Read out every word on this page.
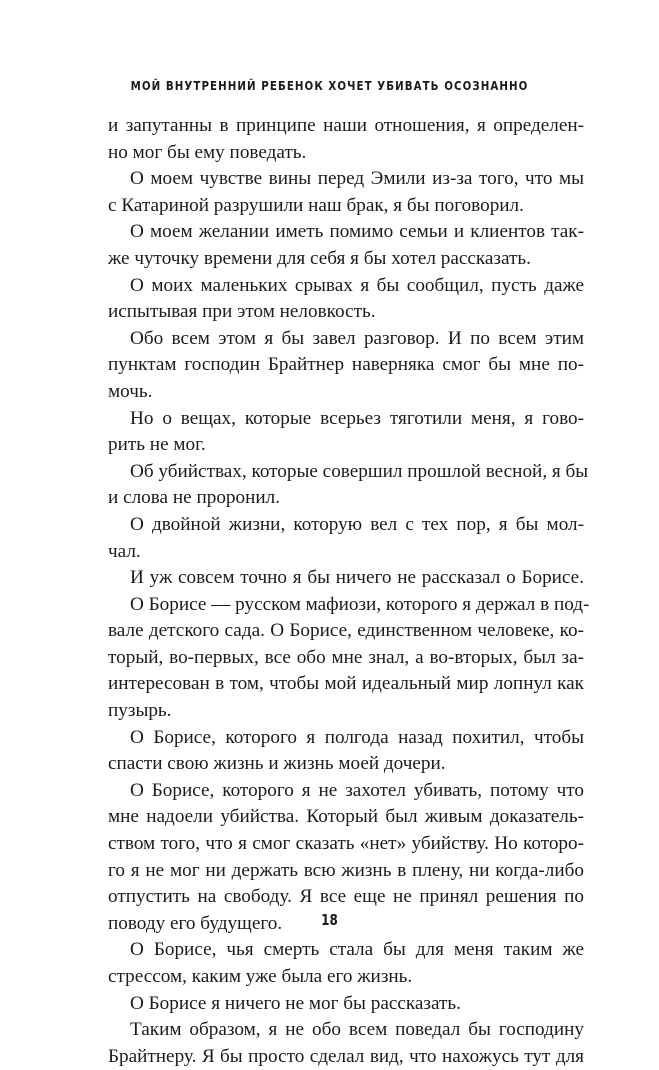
МОЙ ВНУТРЕННИЙ РЕБЕНОК ХОЧЕТ УБИВАТЬ ОСОЗНАННО
и запутанны в принципе наши отношения, я определен-
но мог бы ему поведать.
О моем чувстве вины перед Эмили из-за того, что мы
с Катариной разрушили наш брак, я бы поговорил.
О моем желании иметь помимо семьи и клиентов так-
же чуточку времени для себя я бы хотел рассказать.
О моих маленьких срывах я бы сообщил, пусть даже
испытывая при этом неловкость.
Обо всем этом я бы завел разговор. И по всем этим
пунктам господин Брайтнер наверняка смог бы мне по-
мочь.
Но о вещах, которые всерьез тяготили меня, я гово-
рить не мог.
Об убийствах, которые совершил прошлой весной, я бы
и слова не проронил.
О двойной жизни, которую вел с тех пор, я бы мол-
чал.
И уж совсем точно я бы ничего не рассказал о Борисе.
О Борисе — русском мафиози, которого я держал в под-
вале детского сада. О Борисе, единственном человеке, ко-
торый, во-первых, все обо мне знал, а во-вторых, был за-
интересован в том, чтобы мой идеальный мир лопнул как
пузырь.
О Борисе, которого я полгода назад похитил, чтобы
спасти свою жизнь и жизнь моей дочери.
О Борисе, которого я не захотел убивать, потому что
мне надоели убийства. Который был живым доказатель-
ством того, что я смог сказать «нет» убийству. Но которо-
го я не мог ни держать всю жизнь в плену, ни когда-либо
отпустить на свободу. Я все еще не принял решения по
поводу его будущего.
О Борисе, чья смерть стала бы для меня таким же
стрессом, каким уже была его жизнь.
О Борисе я ничего не мог бы рассказать.
Таким образом, я не обо всем поведал бы господину
Брайтнеру. Я бы просто сделал вид, что нахожусь тут для
18
